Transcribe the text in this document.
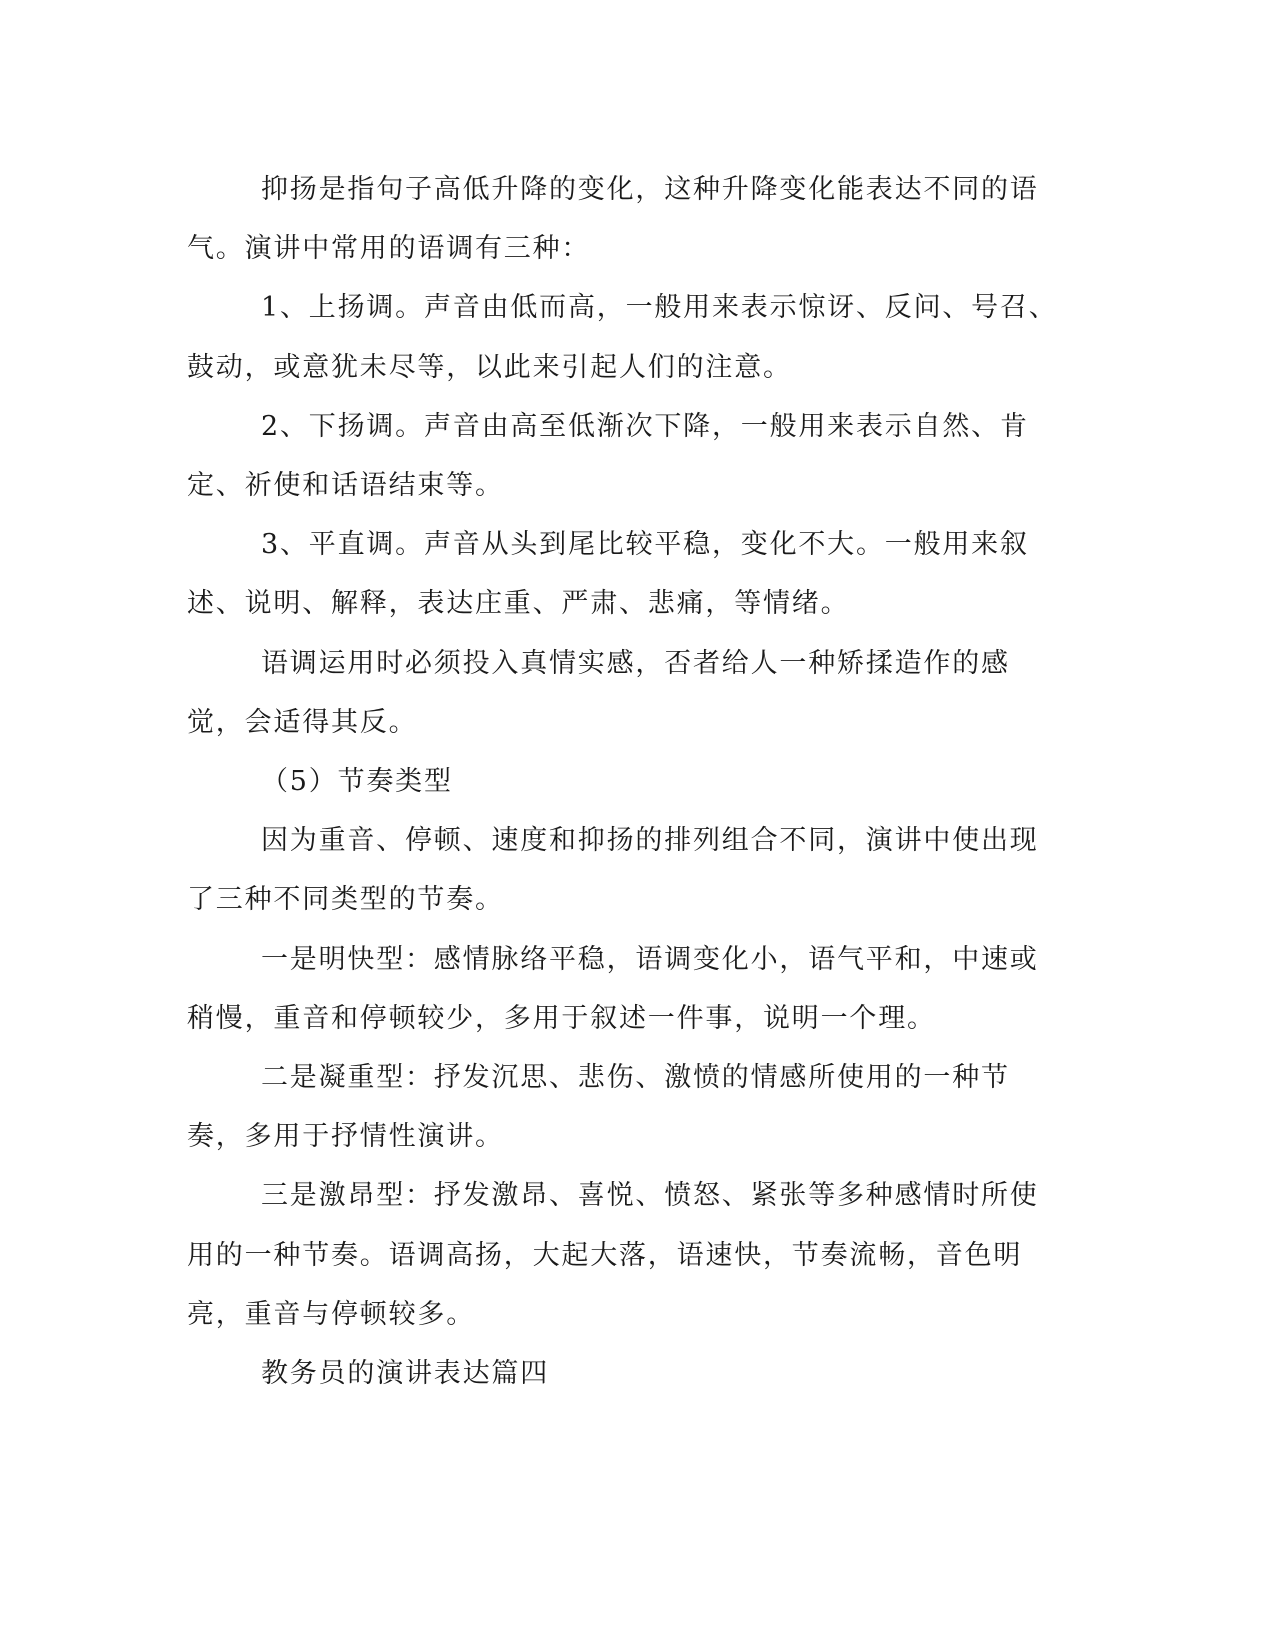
抑扬是指句子高低升降的变化，这种升降变化能表达不同的语气。演讲中常用的语调有三种：

1、上扬调。声音由低而高，一般用来表示惊讶、反问、号召、鼓动，或意犹未尽等，以此来引起人们的注意。

2、下扬调。声音由高至低渐次下降，一般用来表示自然、肯定、祈使和话语结束等。

3、平直调。声音从头到尾比较平稳，变化不大。一般用来叙述、说明、解释，表达庄重、严肃、悲痛，等情绪。

语调运用时必须投入真情实感，否者给人一种矫揉造作的感觉，会适得其反。

（5）节奏类型

因为重音、停顿、速度和抑扬的排列组合不同，演讲中使出现了三种不同类型的节奏。

一是明快型：感情脉络平稳，语调变化小，语气平和，中速或稍慢，重音和停顿较少，多用于叙述一件事，说明一个理。

二是凝重型：抒发沉思、悲伤、激愤的情感所使用的一种节奏，多用于抒情性演讲。

三是激昂型：抒发激昂、喜悦、愤怒、紧张等多种感情时所使用的一种节奏。语调高扬，大起大落，语速快，节奏流畅，音色明亮，重音与停顿较多。

教务员的演讲表达篇四
